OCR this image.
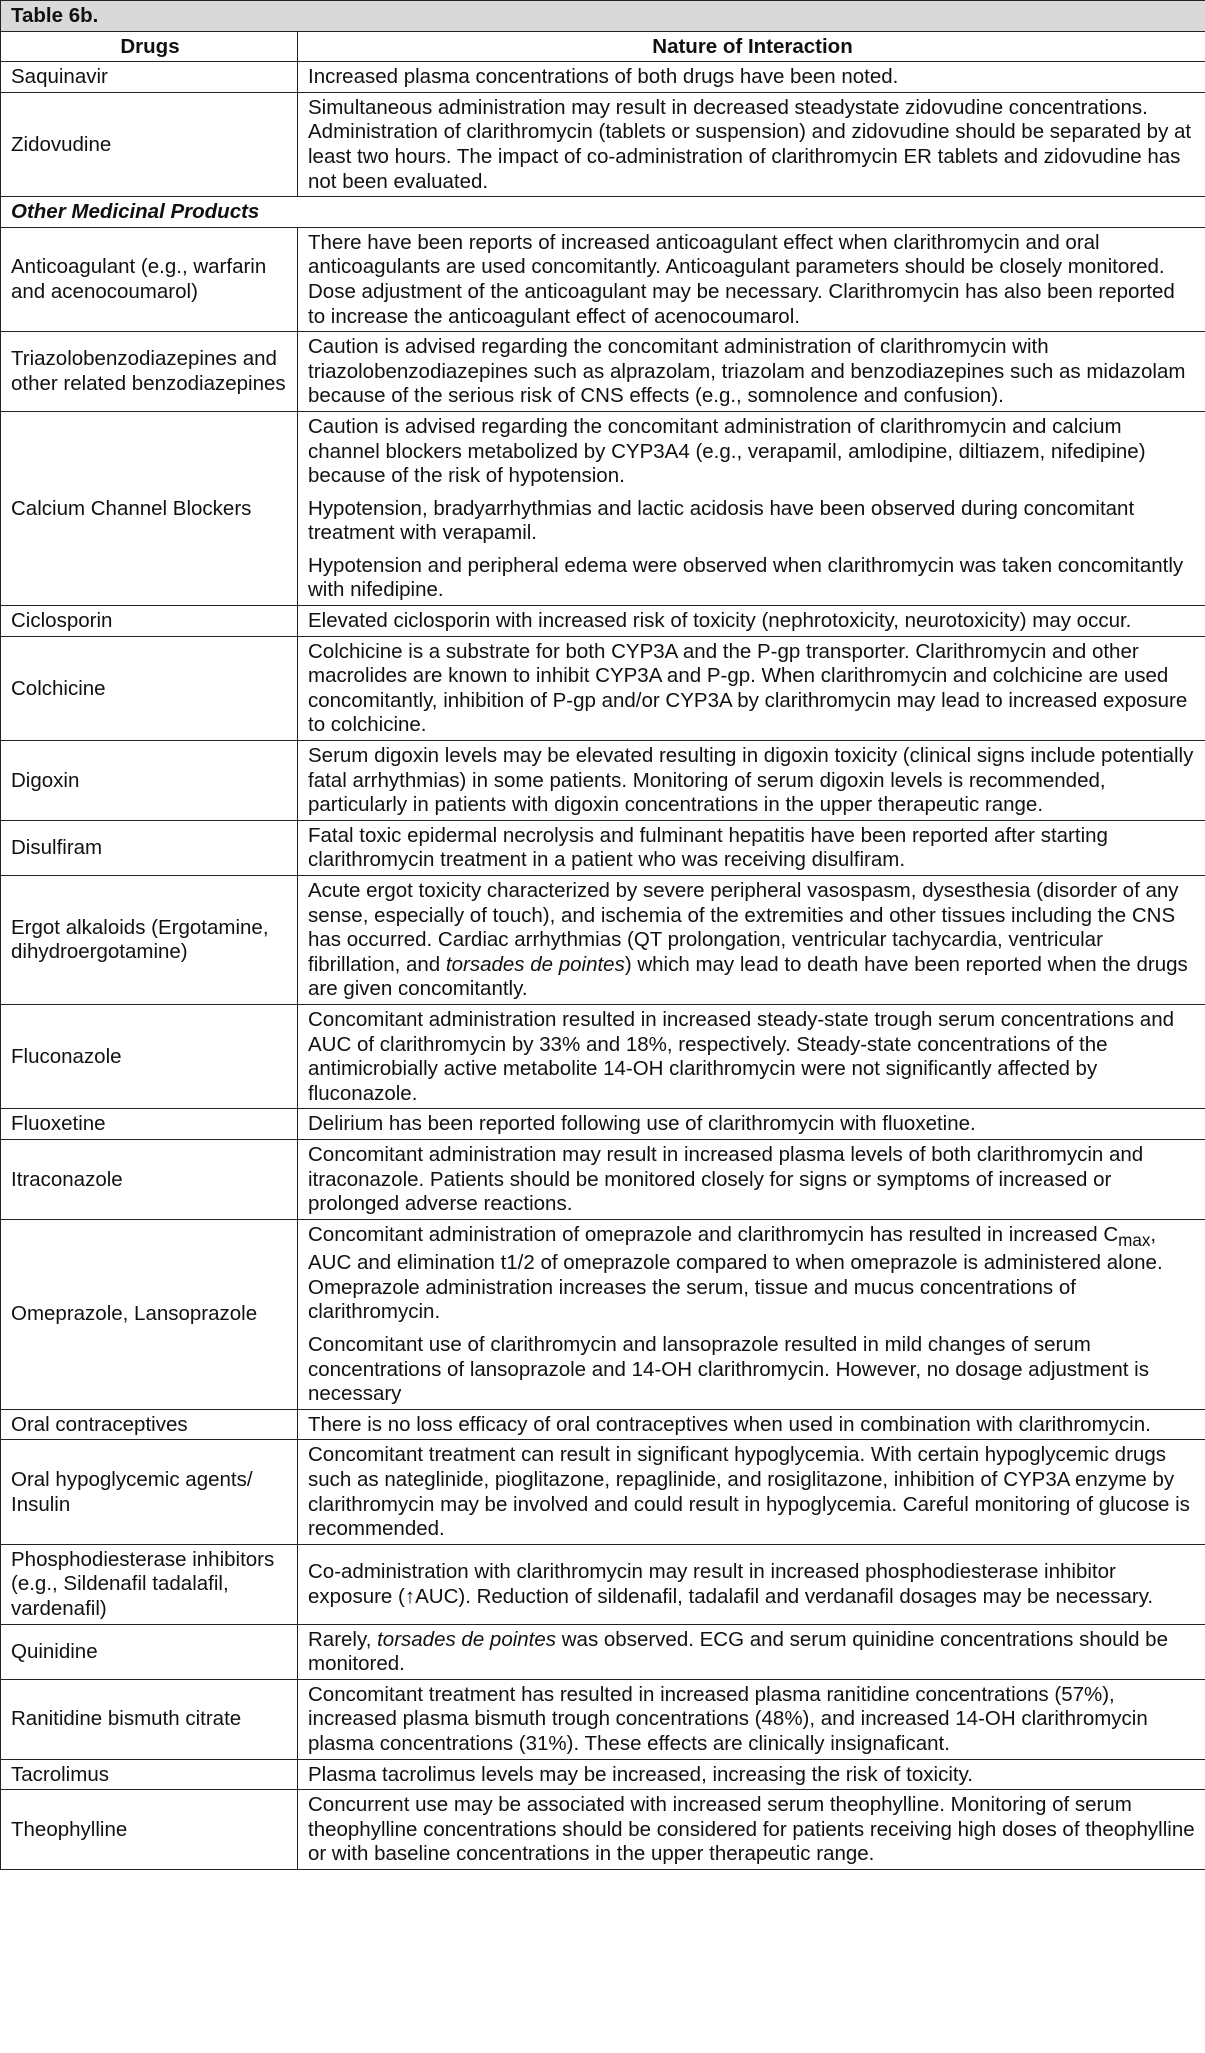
Table 6b.	
Drugs	Nature of Interaction
Saquinavir	Increased plasma concentrations of both drugs have been noted.

Zidovudine	Simultaneous administration may result in decreased steadystate zidovudine concentrations. Administration of clarithromycin (tablets or suspension) and zidovudine should be separated by at least two hours. The impact of co-administration of clarithromycin ER tablets and zidovudine has not been evaluated.

Other Medicinal Products	
Anticoagulant (e.g., warfarin and acenocoumarol)	There have been reports of increased anticoagulant effect when clarithromycin and oral anticoagulants are used concomitantly. Anticoagulant parameters should be closely monitored. Dose adjustment of the anticoagulant may be necessary. Clarithromycin has also been reported to increase the anticoagulant effect of acenocoumarol.

Triazolobenzodiazepines and other related benzodiazepines	Caution is advised regarding the concomitant administration of clarithromycin with triazolobenzodiazepines such as alprazolam, triazolam and benzodiazepines such as midazolam because of the serious risk of CNS effects (e.g., somnolence and confusion).

Calcium Channel Blockers	Caution is advised regarding the concomitant administration of clarithromycin and calcium channel blockers metabolized by CYP3A4 (e.g., verapamil, amlodipine, diltiazem, nifedipine) because of the risk of hypotension.

Hypotension, bradyarrhythmias and lactic acidosis have been observed during concomitant treatment with verapamil.

Hypotension and peripheral edema were observed when clarithromycin was taken concomitantly with nifedipine.

Ciclosporin	Elevated ciclosporin with increased risk of toxicity (nephrotoxicity, neurotoxicity) may occur.

Colchicine	Colchicine is a substrate for both CYP3A and the P-gp transporter. Clarithromycin and other macrolides are known to inhibit CYP3A and P-gp. When clarithromycin and colchicine are used concomitantly, inhibition of P-gp and/or CYP3A by clarithromycin may lead to increased exposure to colchicine.

Digoxin	Serum digoxin levels may be elevated resulting in digoxin toxicity (clinical signs include potentially fatal arrhythmias) in some patients. Monitoring of serum digoxin levels is recommended, particularly in patients with digoxin concentrations in the upper therapeutic range.

Disulfiram	Fatal toxic epidermal necrolysis and fulminant hepatitis have been reported after starting clarithromycin treatment in a patient who was receiving disulfiram.

Ergot alkaloids (Ergotamine, dihydroergotamine)	Acute ergot toxicity characterized by severe peripheral vasospasm, dysesthesia (disorder of any sense, especially of touch), and ischemia of the extremities and other tissues including the CNS has occurred. Cardiac arrhythmias (QT prolongation, ventricular tachycardia, ventricular fibrillation, and torsades de pointes) which may lead to death have been reported when the drugs are given concomitantly.

Fluconazole	Concomitant administration resulted in increased steady-state trough serum concentrations and AUC of clarithromycin by 33% and 18%, respectively. Steady-state concentrations of the antimicrobially active metabolite 14-OH clarithromycin were not significantly affected by fluconazole.

Fluoxetine	Delirium has been reported following use of clarithromycin with fluoxetine.

Itraconazole	Concomitant administration may result in increased plasma levels of both clarithromycin and itraconazole. Patients should be monitored closely for signs or symptoms of increased or prolonged adverse reactions.

Omeprazole, Lansoprazole	Concomitant administration of omeprazole and clarithromycin has resulted in increased $C_{max}$, AUC and elimination t1/2 of omeprazole compared to when omeprazole is administered alone. Omeprazole administration increases the serum, tissue and mucus concentrations of clarithromycin.

Concomitant use of clarithromycin and lansoprazole resulted in mild changes of serum concentrations of lansoprazole and 14-OH clarithromycin. However, no dosage adjustment is necessary

Oral contraceptives	There is no loss efficacy of oral contraceptives when used in combination with clarithromycin.

Oral hypoglycemic agents/ Insulin	Concomitant treatment can result in significant hypoglycemia. With certain hypoglycemic drugs such as nateglinide, pioglitazone, repaglinide, and rosiglitazone, inhibition of CYP3A enzyme by clarithromycin may be involved and could result in hypoglycemia. Careful monitoring of glucose is recommended.

Phosphodiesterase inhibitors (e.g., Sildenafil tadalafil, vardenafil)	Co-administration with clarithromycin may result in increased phosphodiesterase inhibitor exposure (↑AUC). Reduction of sildenafil, tadalafil and verdanafil dosages may be necessary.

Quinidine	Rarely, torsades de pointes was observed. ECG and serum quinidine concentrations should be monitored.

Ranitidine bismuth citrate	Concomitant treatment has resulted in increased plasma ranitidine concentrations (57%), increased plasma bismuth trough concentrations (48%), and increased 14-OH clarithromycin plasma concentrations (31%). These effects are clinically insignaficant.

Tacrolimus	Plasma tacrolimus levels may be increased, increasing the risk of toxicity.

Theophylline	Concurrent use may be associated with increased serum theophylline. Monitoring of serum theophylline concentrations should be considered for patients receiving high doses of theophylline or with baseline concentrations in the upper therapeutic range.
